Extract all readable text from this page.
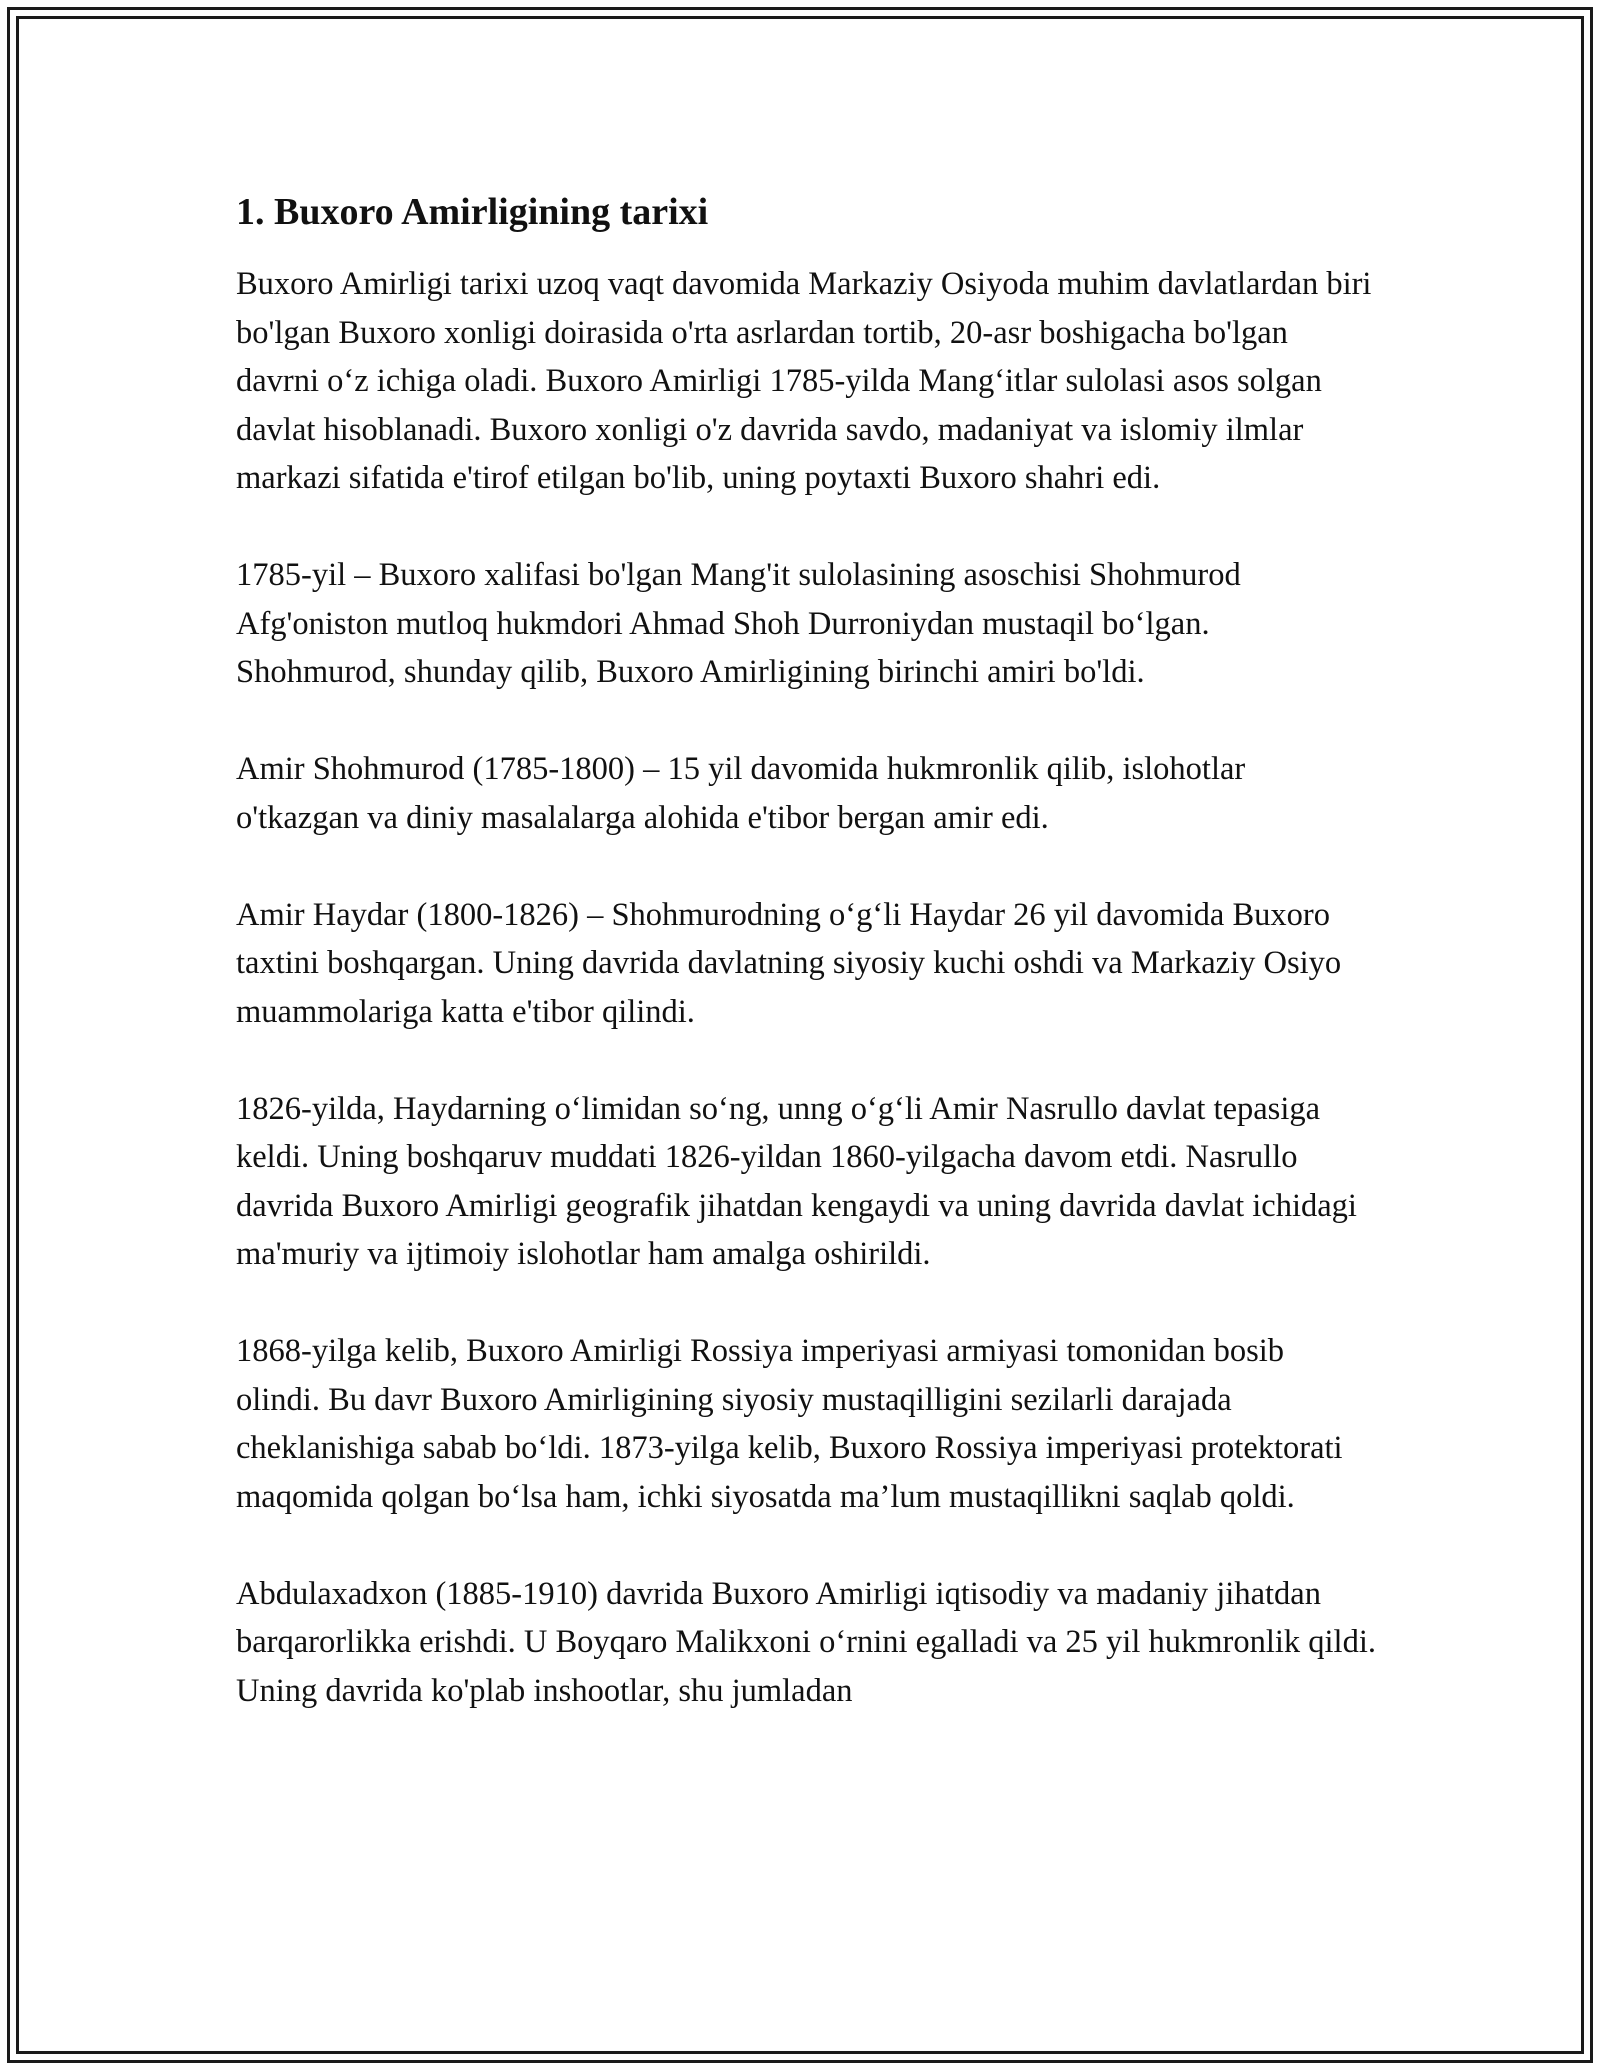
1. Buxoro Amirligining tarixi

Buxoro Amirligi tarixi uzoq vaqt davomida Markaziy Osiyoda muhim davlatlardan biri bo'lgan Buxoro xonligi doirasida o'rta asrlardan tortib, 20-asr boshigacha bo'lgan davrni o‘z ichiga oladi. Buxoro Amirligi 1785-yilda Mang‘itlar sulolasi asos solgan davlat hisoblanadi. Buxoro xonligi o'z davrida savdo, madaniyat va islomiy ilmlar markazi sifatida e'tirof etilgan bo'lib, uning poytaxti Buxoro shahri edi.

1785-yil – Buxoro xalifasi bo'lgan Mang'it sulolasining asoschisi Shohmurod Afg'oniston mutloq hukmdori Ahmad Shoh Durroniydan mustaqil bo‘lgan. Shohmurod, shunday qilib, Buxoro Amirligining birinchi amiri bo'ldi.

Amir Shohmurod (1785-1800) – 15 yil davomida hukmronlik qilib, islohotlar o'tkazgan va diniy masalalarga alohida e'tibor bergan amir edi.

Amir Haydar (1800-1826) – Shohmurodning o‘g‘li Haydar 26 yil davomida Buxoro taxtini boshqargan. Uning davrida davlatning siyosiy kuchi oshdi va Markaziy Osiyo muammolariga katta e'tibor qilindi.

1826-yilda, Haydarning o‘limidan so‘ng, unng o‘g‘li Amir Nasrullo davlat tepasiga keldi. Uning boshqaruv muddati 1826-yildan 1860-yilgacha davom etdi. Nasrullo davrida Buxoro Amirligi geografik jihatdan kengaydi va uning davrida davlat ichidagi ma'muriy va ijtimoiy islohotlar ham amalga oshirildi.

1868-yilga kelib, Buxoro Amirligi Rossiya imperiyasi armiyasi tomonidan bosib olindi. Bu davr Buxoro Amirligining siyosiy mustaqilligini sezilarli darajada cheklanishiga sabab bo‘ldi. 1873-yilga kelib, Buxoro Rossiya imperiyasi protektorati maqomida qolgan bo‘lsa ham, ichki siyosatda ma’lum mustaqillikni saqlab qoldi.

Abdulaxadxon (1885-1910) davrida Buxoro Amirligi iqtisodiy va madaniy jihatdan barqarorlikka erishdi. U Boyqaro Malikxoni o‘rnini egalladi va 25 yil hukmronlik qildi. Uning davrida ko'plab inshootlar, shu jumladan
